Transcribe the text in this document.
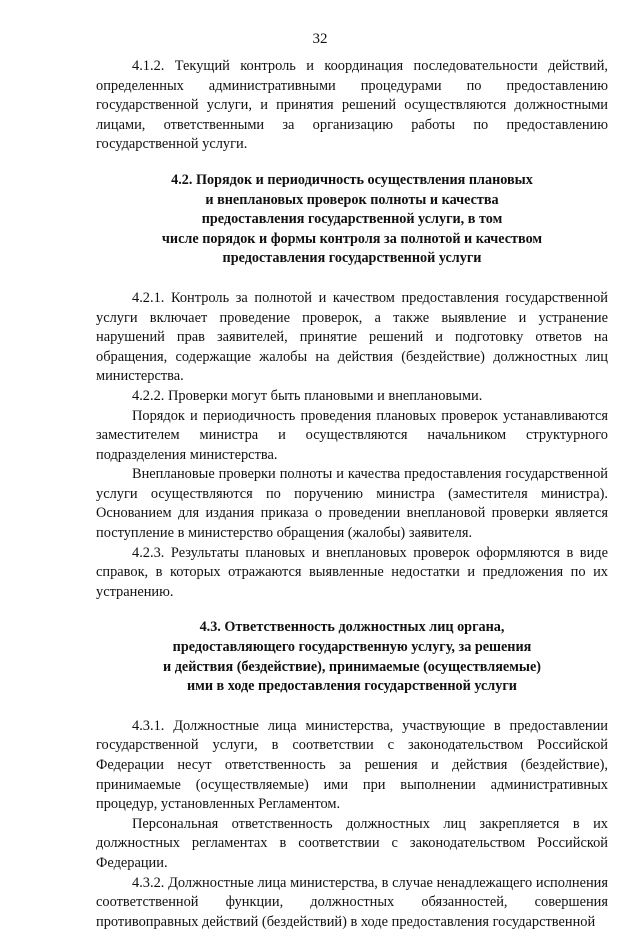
32

4.1.2. Текущий контроль и координация последовательности действий, определенных административными процедурами по предоставлению государственной услуги, и принятия решений осуществляются должностными лицами, ответственными за организацию работы по предоставлению государственной услуги.

4.2. Порядок и периодичность осуществления плановых
и внеплановых проверок полноты и качества
предоставления государственной услуги, в том
числе порядок и формы контроля за полнотой и качеством
предоставления государственной услуги

4.2.1. Контроль за полнотой и качеством предоставления государственной услуги включает проведение проверок, а также выявление и устранение нарушений прав заявителей, принятие решений и подготовку ответов на обращения, содержащие жалобы на действия (бездействие) должностных лиц министерства.

4.2.2. Проверки могут быть плановыми и внеплановыми.

Порядок и периодичность проведения плановых проверок устанавливаются заместителем министра и осуществляются начальником структурного подразделения министерства.

Внеплановые проверки полноты и качества предоставления государственной услуги осуществляются по поручению министра (заместителя министра). Основанием для издания приказа о проведении внеплановой проверки является поступление в министерство обращения (жалобы) заявителя.

4.2.3. Результаты плановых и внеплановых проверок оформляются в виде справок, в которых отражаются выявленные недостатки и предложения по их устранению.

4.3. Ответственность должностных лиц органа,
предоставляющего государственную услугу, за решения
и действия (бездействие), принимаемые (осуществляемые)
ими в ходе предоставления государственной услуги

4.3.1. Должностные лица министерства, участвующие в предоставлении государственной услуги, в соответствии с законодательством Российской Федерации несут ответственность за решения и действия (бездействие), принимаемые (осуществляемые) ими при выполнении административных процедур, установленных Регламентом.

Персональная ответственность должностных лиц закрепляется в их должностных регламентах в соответствии с законодательством Российской Федерации.

4.3.2. Должностные лица министерства, в случае ненадлежащего исполнения соответственной функции, должностных обязанностей, совершения противоправных действий (бездействий) в ходе предоставления государственной
